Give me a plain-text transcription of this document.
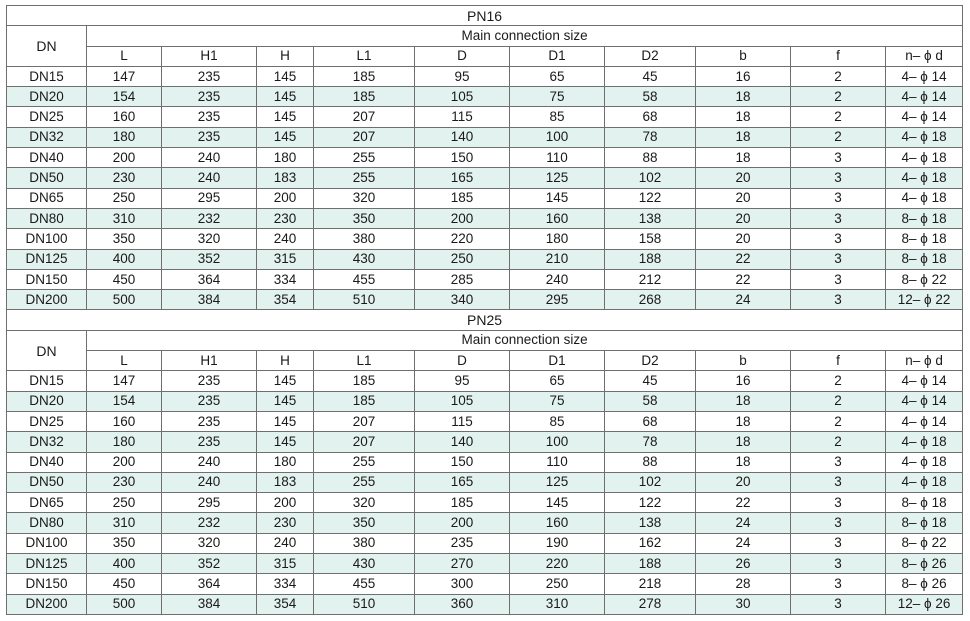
PN16										
DN	Main connection size									
	L	H1	H	L1	D	D1	D2	b	f	n– ϕ d
DN15	147	235	145	185	95	65	45	16	2	4– ϕ 14
DN20	154	235	145	185	105	75	58	18	2	4– ϕ 14
DN25	160	235	145	207	115	85	68	18	2	4– ϕ 14
DN32	180	235	145	207	140	100	78	18	2	4– ϕ 18
DN40	200	240	180	255	150	110	88	18	3	4– ϕ 18
DN50	230	240	183	255	165	125	102	20	3	4– ϕ 18
DN65	250	295	200	320	185	145	122	20	3	4– ϕ 18
DN80	310	232	230	350	200	160	138	20	3	8– ϕ 18
DN100	350	320	240	380	220	180	158	20	3	8– ϕ 18
DN125	400	352	315	430	250	210	188	22	3	8– ϕ 18
DN150	450	364	334	455	285	240	212	22	3	8– ϕ 22
DN200	500	384	354	510	340	295	268	24	3	12– ϕ 22
PN25										
DN	Main connection size									
	L	H1	H	L1	D	D1	D2	b	f	n– ϕ d
DN15	147	235	145	185	95	65	45	16	2	4– ϕ 14
DN20	154	235	145	185	105	75	58	18	2	4– ϕ 14
DN25	160	235	145	207	115	85	68	18	2	4– ϕ 14
DN32	180	235	145	207	140	100	78	18	2	4– ϕ 18
DN40	200	240	180	255	150	110	88	18	3	4– ϕ 18
DN50	230	240	183	255	165	125	102	20	3	4– ϕ 18
DN65	250	295	200	320	185	145	122	22	3	8– ϕ 18
DN80	310	232	230	350	200	160	138	24	3	8– ϕ 18
DN100	350	320	240	380	235	190	162	24	3	8– ϕ 22
DN125	400	352	315	430	270	220	188	26	3	8– ϕ 26
DN150	450	364	334	455	300	250	218	28	3	8– ϕ 26
DN200	500	384	354	510	360	310	278	30	3	12– ϕ 26
